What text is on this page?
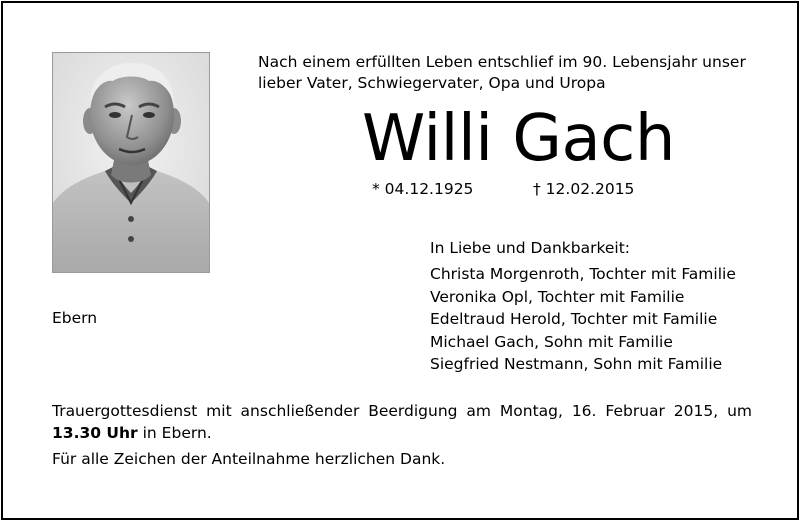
Nach einem erfüllten Leben entschlief im 90. Lebensjahr unser
lieber Vater, Schwiegervater, Opa und Uropa
Willi Gach
* 04.12.1925	† 12.02.2015
In Liebe und Dankbarkeit:
Christa Morgenroth, Tochter mit Familie
Veronika Opl, Tochter mit Familie
Edeltraud Herold, Tochter mit Familie
Michael Gach, Sohn mit Familie
Siegfried Nestmann, Sohn mit Familie
Ebern
Trauergottesdienst mit anschließender Beerdigung am Montag, 16. Februar 2015, um
13.30 Uhr in Ebern.
Für alle Zeichen der Anteilnahme herzlichen Dank.
